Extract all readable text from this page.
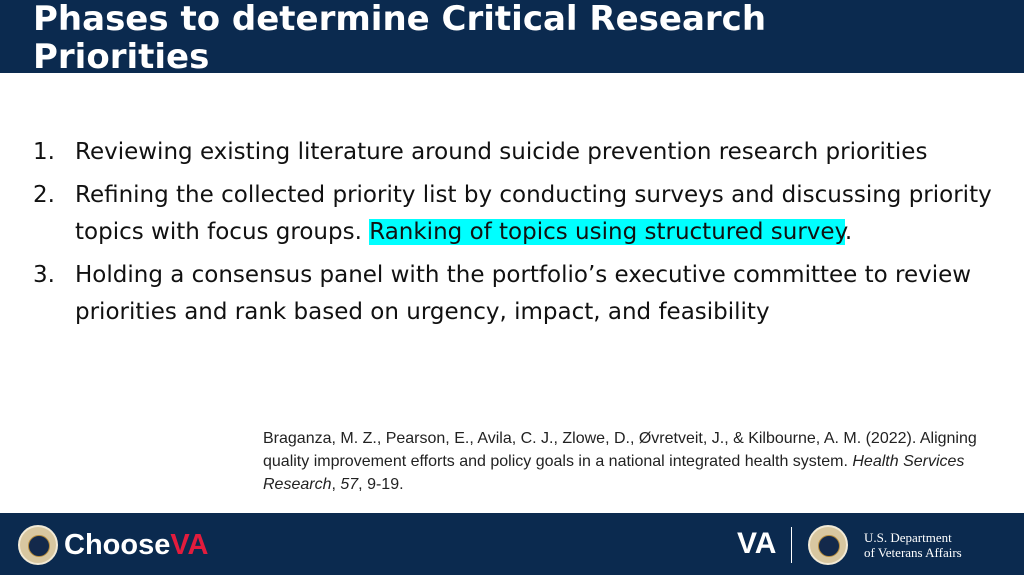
Phases to determine Critical Research Priorities
1. Reviewing existing literature around suicide prevention research priorities
2. Refining the collected priority list by conducting surveys and discussing priority topics with focus groups. Ranking of topics using structured survey.
3. Holding a consensus panel with the portfolio’s executive committee to review priorities and rank based on urgency, impact, and feasibility

Braganza, M. Z., Pearson, E., Avila, C. J., Zlowe, D., Øvretveit, J., & Kilbourne, A. M. (2022). Aligning quality improvement efforts and policy goals in a national integrated health system. Health Services Research, 57, 9-19.

ChooseVA	VA	U.S. Department
of Veterans Affairs
